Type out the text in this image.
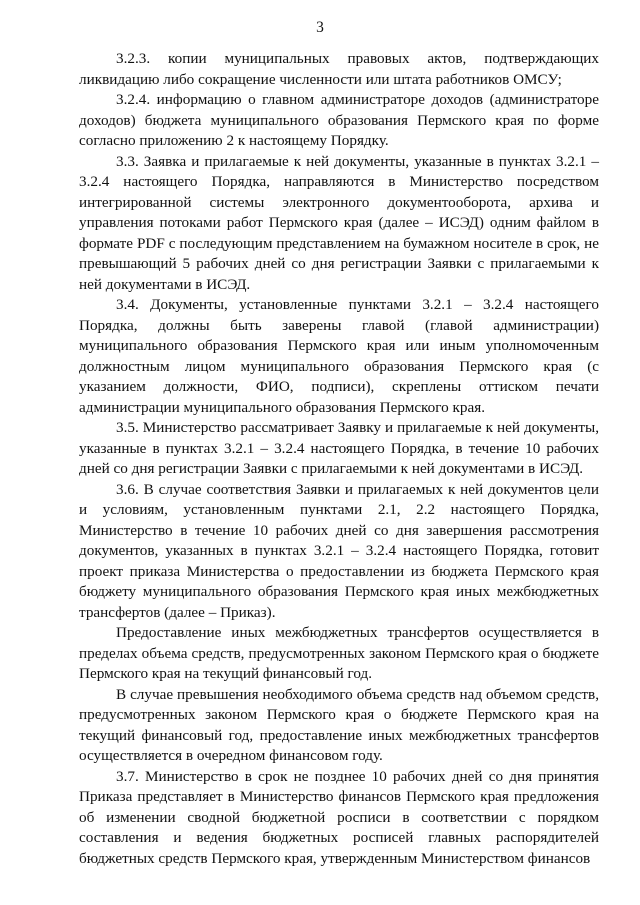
3

3.2.3. копии муниципальных правовых актов, подтверждающих ликвидацию либо сокращение численности или штата работников ОМСУ;

3.2.4. информацию о главном администраторе доходов (администраторе доходов) бюджета муниципального образования Пермского края по форме согласно приложению 2 к настоящему Порядку.

3.3. Заявка и прилагаемые к ней документы, указанные в пунктах 3.2.1 – 3.2.4 настоящего Порядка, направляются в Министерство посредством интегрированной системы электронного документооборота, архива и управления потоками работ Пермского края (далее – ИСЭД) одним файлом в формате PDF с последующим представлением на бумажном носителе в срок, не превышающий 5 рабочих дней со дня регистрации Заявки с прилагаемыми к ней документами в ИСЭД.

3.4. Документы, установленные пунктами 3.2.1 – 3.2.4 настоящего Порядка, должны быть заверены главой (главой администрации) муниципального образования Пермского края или иным уполномоченным должностным лицом муниципального образования Пермского края (с указанием должности, ФИО, подписи), скреплены оттиском печати администрации муниципального образования Пермского края.

3.5. Министерство рассматривает Заявку и прилагаемые к ней документы, указанные в пунктах 3.2.1 – 3.2.4 настоящего Порядка, в течение 10 рабочих дней со дня регистрации Заявки с прилагаемыми к ней документами в ИСЭД.

3.6. В случае соответствия Заявки и прилагаемых к ней документов цели и условиям, установленным пунктами 2.1, 2.2 настоящего Порядка, Министерство в течение 10 рабочих дней со дня завершения рассмотрения документов, указанных в пунктах 3.2.1 – 3.2.4 настоящего Порядка, готовит проект приказа Министерства о предоставлении из бюджета Пермского края бюджету муниципального образования Пермского края иных межбюджетных трансфертов (далее – Приказ).

Предоставление иных межбюджетных трансфертов осуществляется в пределах объема средств, предусмотренных законом Пермского края о бюджете Пермского края на текущий финансовый год.

В случае превышения необходимого объема средств над объемом средств, предусмотренных законом Пермского края о бюджете Пермского края на текущий финансовый год, предоставление иных межбюджетных трансфертов осуществляется в очередном финансовом году.

3.7. Министерство в срок не позднее 10 рабочих дней со дня принятия Приказа представляет в Министерство финансов Пермского края предложения об изменении сводной бюджетной росписи в соответствии с порядком составления и ведения бюджетных росписей главных распорядителей бюджетных средств Пермского края, утвержденным Министерством финансов
